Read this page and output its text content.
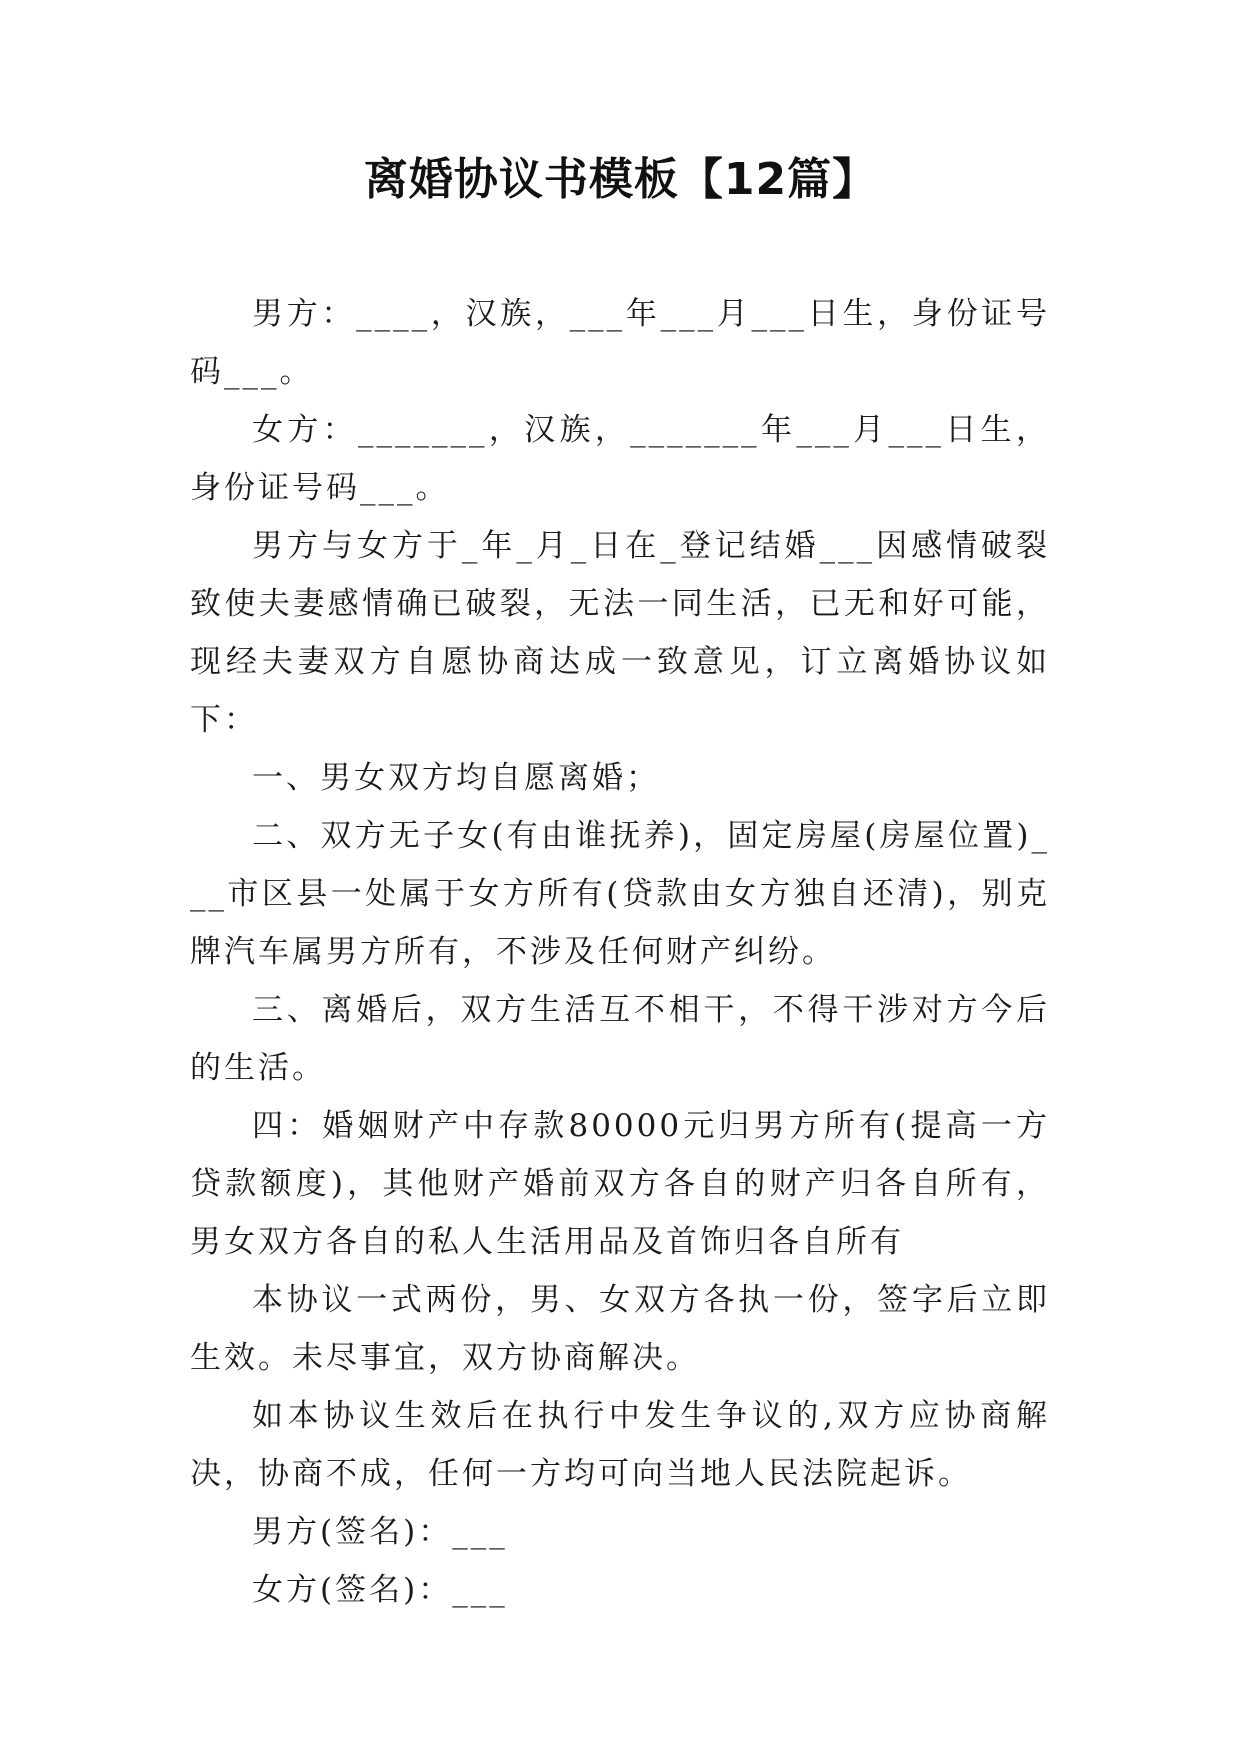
离婚协议书模板【12篇】

男方：____，汉族，___年___月___日生，身份证号码___。

女方：_______，汉族，_______年___月___日生，身份证号码___。

男方与女方于_年_月_日在_登记结婚___因感情破裂致使夫妻感情确已破裂，无法一同生活，已无和好可能，现经夫妻双方自愿协商达成一致意见，订立离婚协议如下：

一、男女双方均自愿离婚；

二、双方无子女(有由谁抚养)，固定房屋(房屋位置)___市区县一处属于女方所有(贷款由女方独自还清)，别克牌汽车属男方所有，不涉及任何财产纠纷。

三、离婚后，双方生活互不相干，不得干涉对方今后的生活。

四：婚姻财产中存款80000元归男方所有(提高一方贷款额度)，其他财产婚前双方各自的财产归各自所有，男女双方各自的私人生活用品及首饰归各自所有

本协议一式两份，男、女双方各执一份，签字后立即生效。未尽事宜，双方协商解决。

如本协议生效后在执行中发生争议的,双方应协商解决，协商不成，任何一方均可向当地人民法院起诉。

男方(签名)：___

女方(签名)：___
